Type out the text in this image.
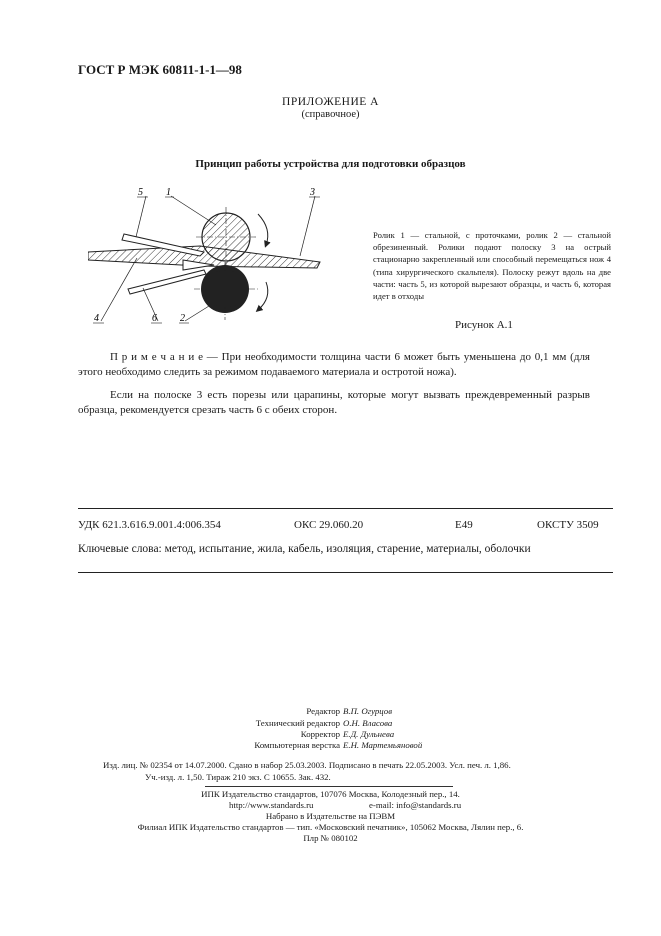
ГОСТ Р МЭК 60811-1-1—98
ПРИЛОЖЕНИЕ А
(справочное)
Принцип работы устройства для подготовки образцов
5 1	3
4	6 2
Ролик 1 — стальной, с проточками, ролик 2 — стальной обрезиненный. Ролики подают полоску 3 на острый стационарно закрепленный или способный перемещаться нож 4 (типа хирургического скальпеля). Полоску режут вдоль на две части: часть 5, из которой вырезают образцы, и часть 6, которая идет в отходы
Рисунок А.1
П р и м е ч а н и е — При необходимости толщина части 6 может быть уменьшена до 0,1 мм (для этого необходимо следить за режимом подаваемого материала и остротой ножа).
Если на полоске 3 есть порезы или царапины, которые могут вызвать преждевременный разрыв образца, рекомендуется срезать часть 6 с обеих сторон.
УДК 621.3.616.9.001.4:006.354	ОКС 29.060.20	Е49	ОКСТУ 3509
Ключевые слова: метод, испытание, жила, кабель, изоляция, старение, материалы, оболочки
Редактор В.П. Огурцов
Технический редактор О.Н. Власова
Корректор Е.Д. Дульнева
Компьютерная верстка Е.Н. Мартемьяновой
Изд. лиц. № 02354 от 14.07.2000. Сдано в набор 25.03.2003. Подписано в печать 22.05.2003. Усл. печ. л. 1,86.
Уч.-изд. л. 1,50. Тираж 210 экз. С 10655. Зак. 432.
ИПК Издательство стандартов, 107076 Москва, Колодезный пер., 14.
http://www.standards.ru	e-mail: info@standards.ru
Набрано в Издательстве на ПЭВМ
Филиал ИПК Издательство стандартов — тип. «Московский печатник», 105062 Москва, Лялин пер., 6.
Плр № 080102
